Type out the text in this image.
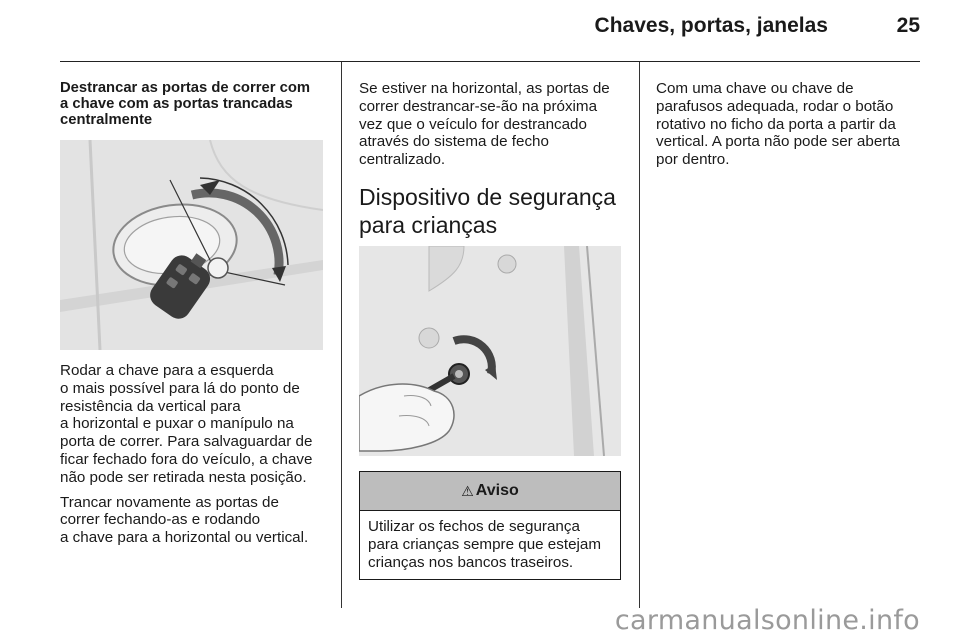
Chaves, portas, janelas	25
Destrancar as portas de correr com
a chave com as portas trancadas
centralmente

Rodar a chave para a esquerda
o mais possível para lá do ponto de
resistência da vertical para
a horizontal e puxar o manípulo na
porta de correr. Para salvaguardar de
ficar fechado fora do veículo, a chave
não pode ser retirada nesta posição.

Trancar novamente as portas de
correr fechando-as e rodando
a chave para a horizontal ou vertical.

Se estiver na horizontal, as portas de
correr destrancar-se-ão na próxima
vez que o veículo for destrancado
através do sistema de fecho
centralizado.

Dispositivo de segurança
para crianças
⚠ Aviso
Utilizar os fechos de segurança
para crianças sempre que estejam
crianças nos bancos traseiros.

Com uma chave ou chave de
parafusos adequada, rodar o botão
rotativo no ficho da porta a partir da
vertical. A porta não pode ser aberta
por dentro.

carmanualsonline.info
